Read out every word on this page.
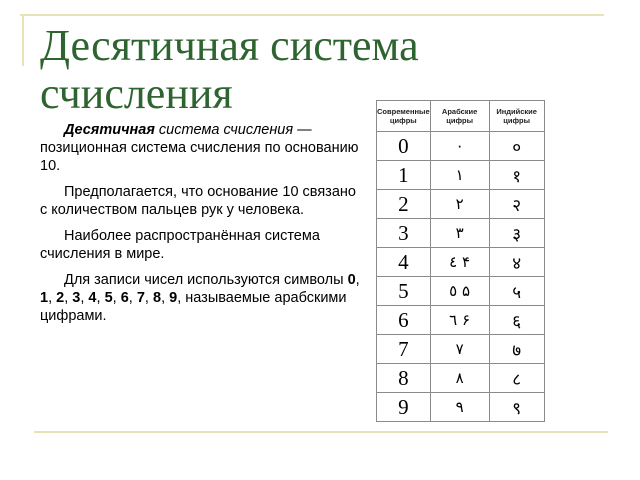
Десятичная система счисления

Десятичная система счисления — позиционная система счисления по основанию 10.

Предполагается, что основание 10 связано с количеством пальцев рук у человека.

Наиболее распространённая система счисления в мире.

Для записи чисел используются символы 0, 1, 2, 3, 4, 5, 6, 7, 8, 9, называемые арабскими цифрами.

Современные цифры	Арабские цифры	Индийские цифры
0	٠	०
1	١	१
2	٢	२
3	٣	३
4	٤ ۴	४
5	٥ ۵	५
6	٦ ۶	६
7	٧	७
8	٨	८
9	٩	९
